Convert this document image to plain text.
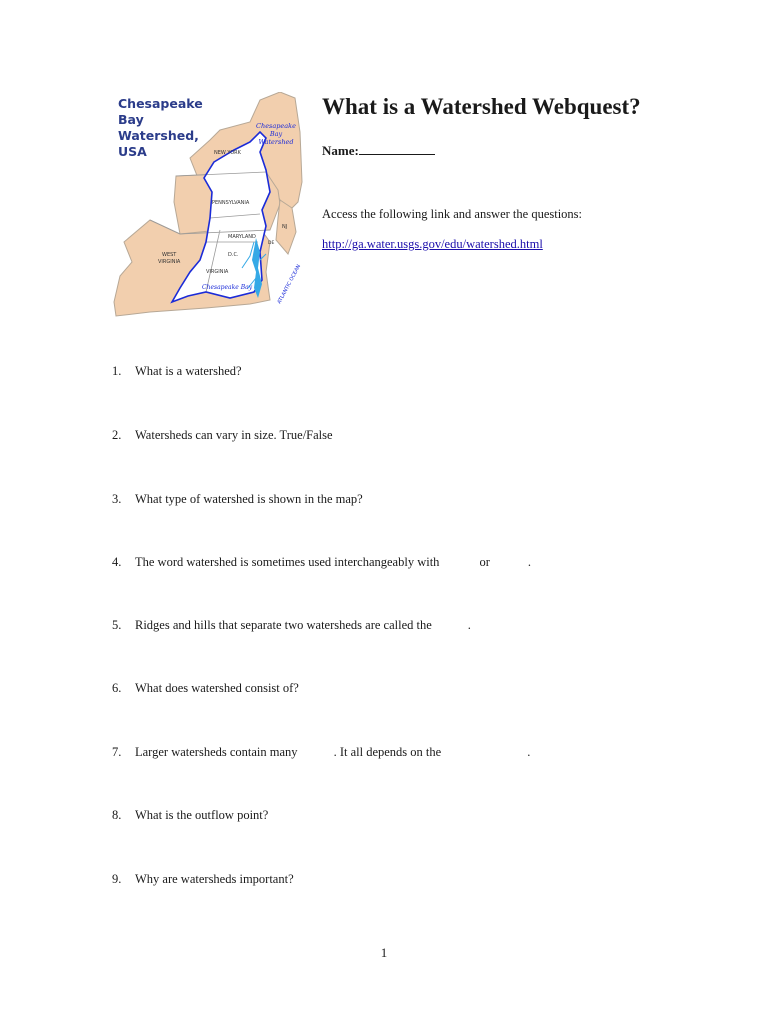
Chesapeake
Bay
Watershed,
USA
Chesapeake
Bay
Watershed
NEW YORK
PENNSYLVANIA
NJ
MARYLAND
D.C.
DE
WEST
VIRGINIA
VIRGINIA
Chesapeake Bay	ATLANTIC OCEAN
What is a Watershed Webquest?
Name:
Access the following link and answer the questions:
http://ga.water.usgs.gov/edu/watershed.html
1. What is a watershed?
2. Watersheds can vary in size. True/False
3. What type of watershed is shown in the map?
4. The word watershed is sometimes used interchangeably with	or	.
5. Ridges and hills that separate two watersheds are called the	.
6. What does watershed consist of?
7. Larger watersheds contain many	. It all depends on the	.
8. What is the outflow point?
9. Why are watersheds important?
1
